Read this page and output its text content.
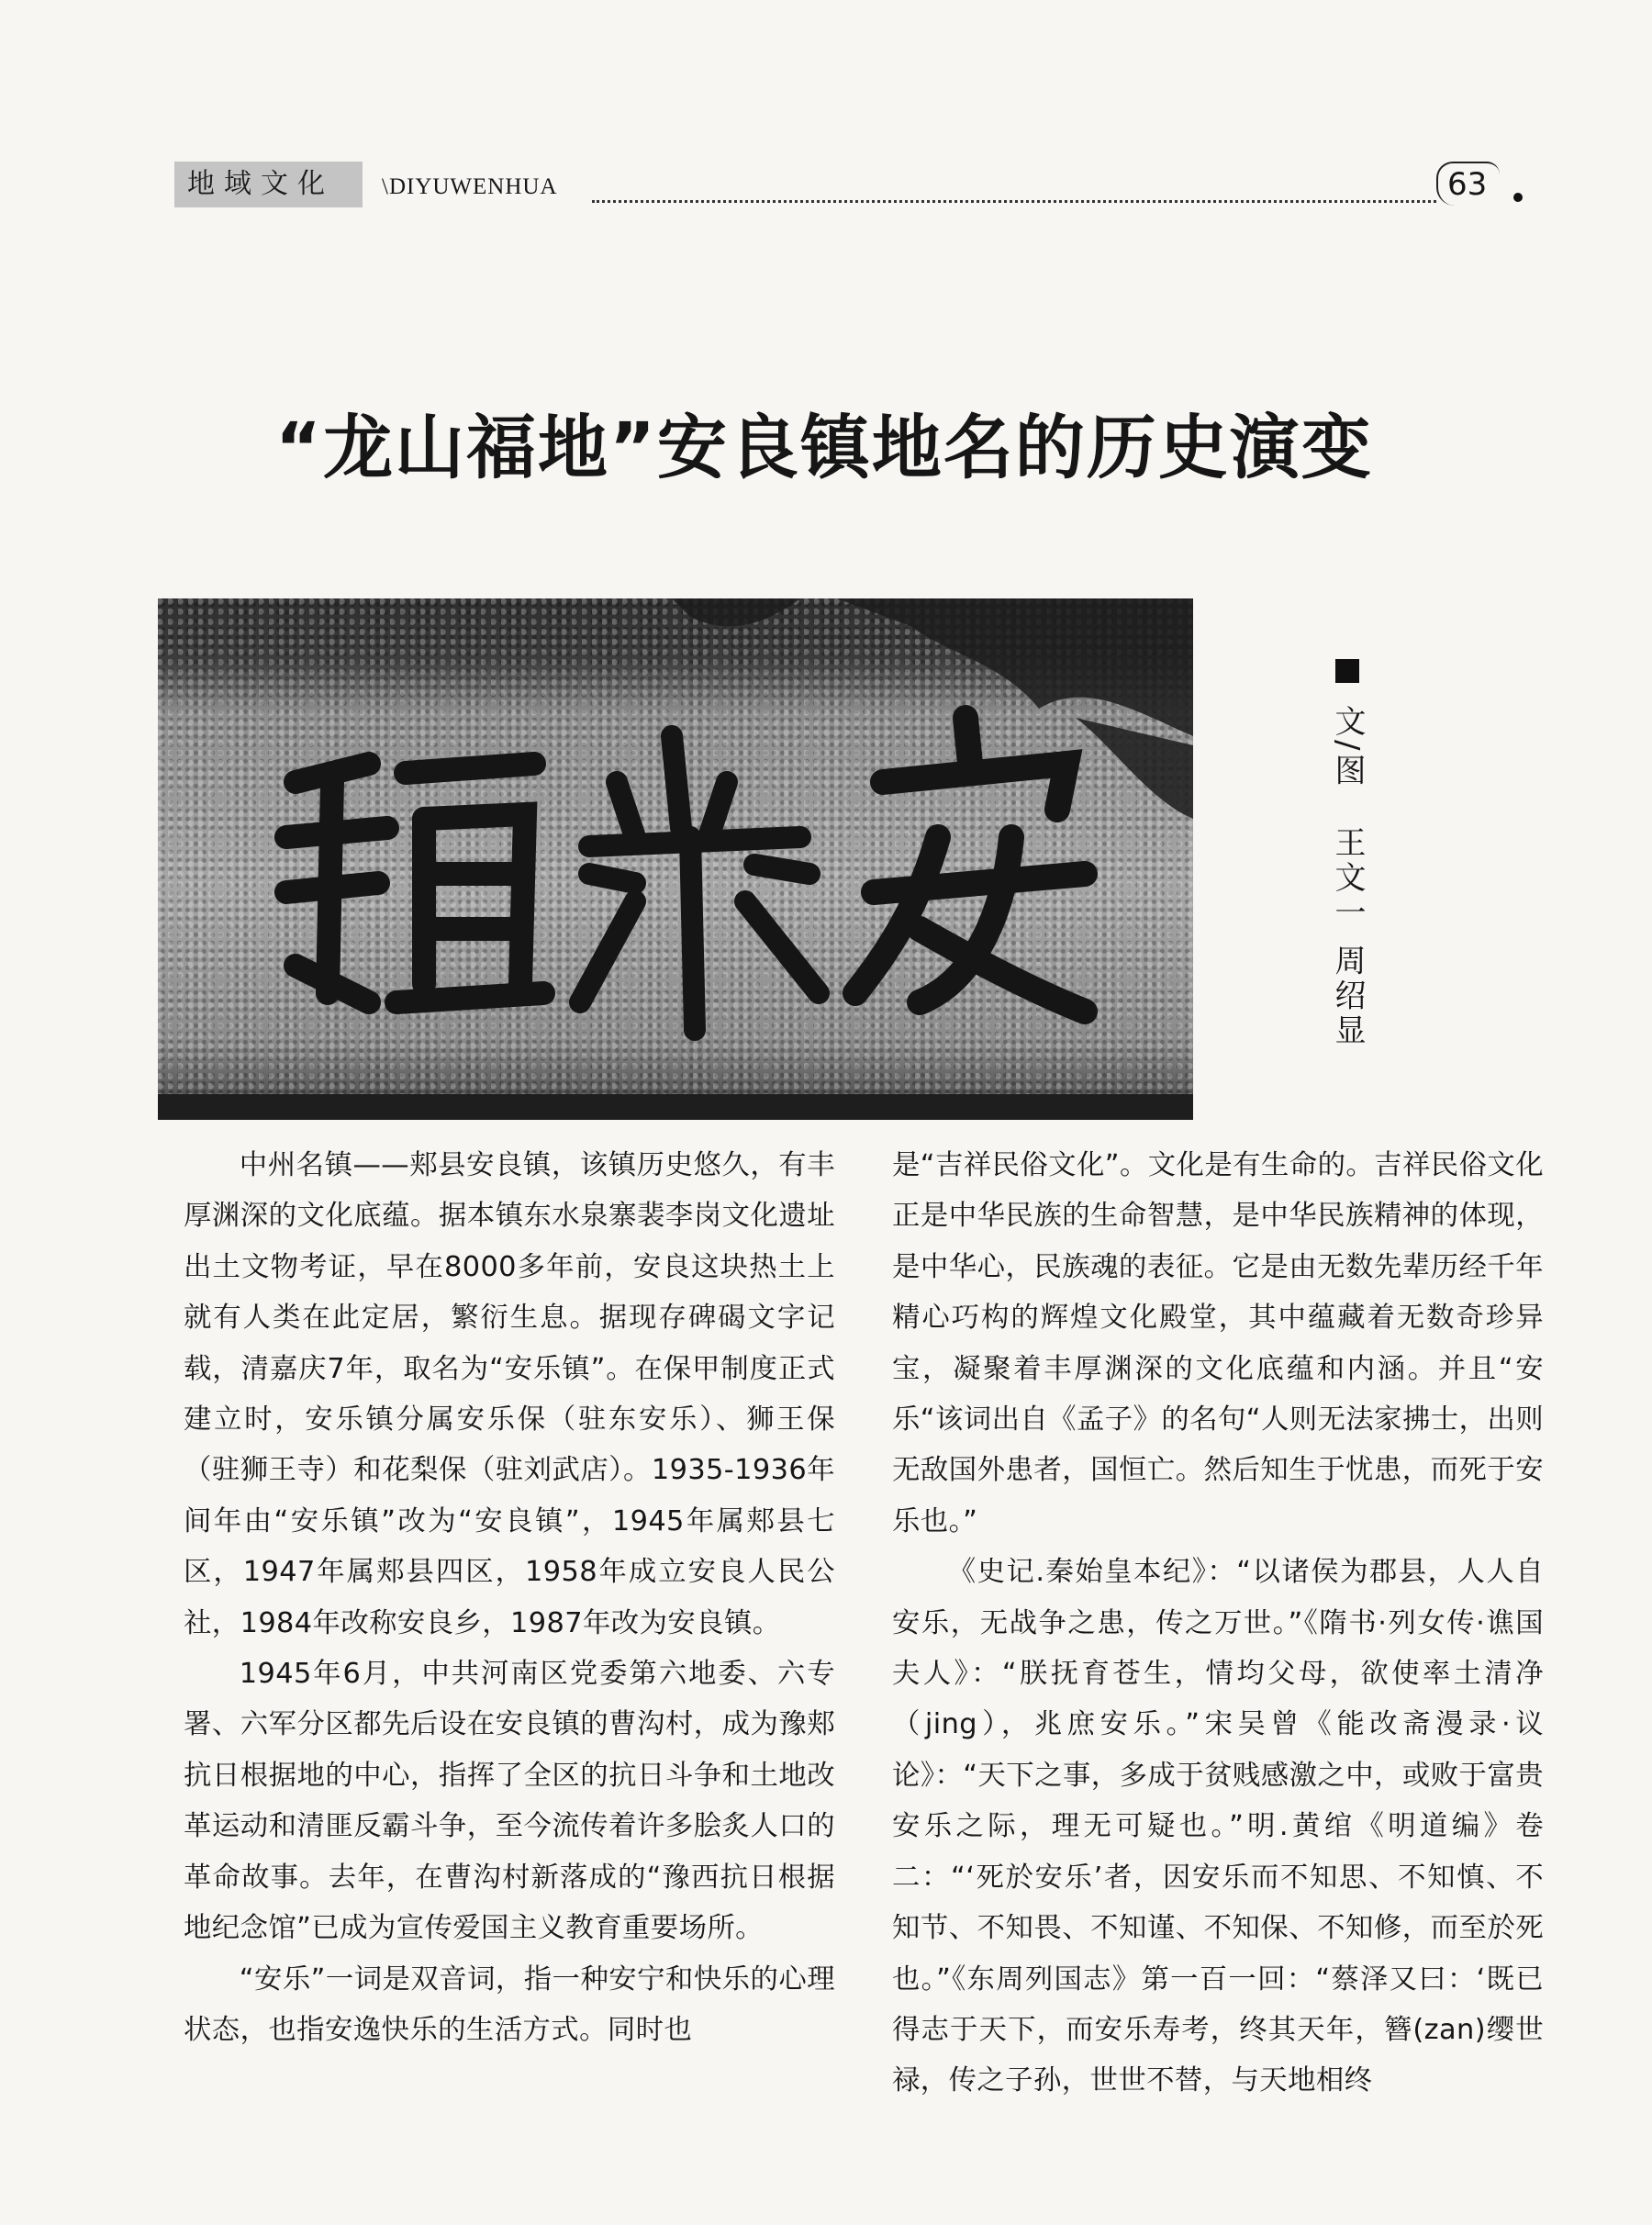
地域文化	\DIYUWENHUA	63
“龙山福地”安良镇地名的历史演变
文/图
王文一 周绍显

中州名镇——郏县安良镇，该镇历史悠久，有丰厚渊深的文化底蕴。据本镇东水泉寨裴李岗文化遗址出土文物考证，早在8000多年前，安良这块热土上就有人类在此定居，繁衍生息。据现存碑碣文字记载，清嘉庆7年，取名为“安乐镇”。在保甲制度正式建立时，安乐镇分属安乐保（驻东安乐）、狮王保（驻狮王寺）和花梨保（驻刘武店）。1935-1936年间年由“安乐镇”改为“安良镇”，1945年属郏县七区，1947年属郏县四区，1958年成立安良人民公社，1984年改称安良乡，1987年改为安良镇。

1945年6月，中共河南区党委第六地委、六专署、六军分区都先后设在安良镇的曹沟村，成为豫郏抗日根据地的中心，指挥了全区的抗日斗争和土地改革运动和清匪反霸斗争，至今流传着许多脍炙人口的革命故事。去年，在曹沟村新落成的“豫西抗日根据地纪念馆”已成为宣传爱国主义教育重要场所。

“安乐”一词是双音词，指一种安宁和快乐的心理状态，也指安逸快乐的生活方式。同时也

是“吉祥民俗文化”。文化是有生命的。吉祥民俗文化正是中华民族的生命智慧，是中华民族精神的体现，是中华心，民族魂的表征。它是由无数先辈历经千年精心巧构的辉煌文化殿堂，其中蕴藏着无数奇珍异宝，凝聚着丰厚渊深的文化底蕴和内涵。并且“安乐“该词出自《孟子》的名句“人则无法家拂士，出则无敌国外患者，国恒亡。然后知生于忧患，而死于安乐也。”

《史记.秦始皇本纪》：“以诸侯为郡县，人人自安乐，无战争之患，传之万世。”《隋书·列女传·谯国夫人》：“朕抚育苍生，情均父母，欲使率土清净（jing），兆庶安乐。”宋吴曾《能改斋漫录·议论》：“天下之事，多成于贫贱感激之中，或败于富贵安乐之际，理无可疑也。”明.黄绾《明道编》卷二：“‘死於安乐’者，因安乐而不知思、不知慎、不知节、不知畏、不知谨、不知保、不知修，而至於死也。”《东周列国志》第一百一回：“蔡泽又曰：‘既已得志于天下，而安乐寿考，终其天年，簪(zan)缨世禄，传之子孙，世世不替，与天地相终
